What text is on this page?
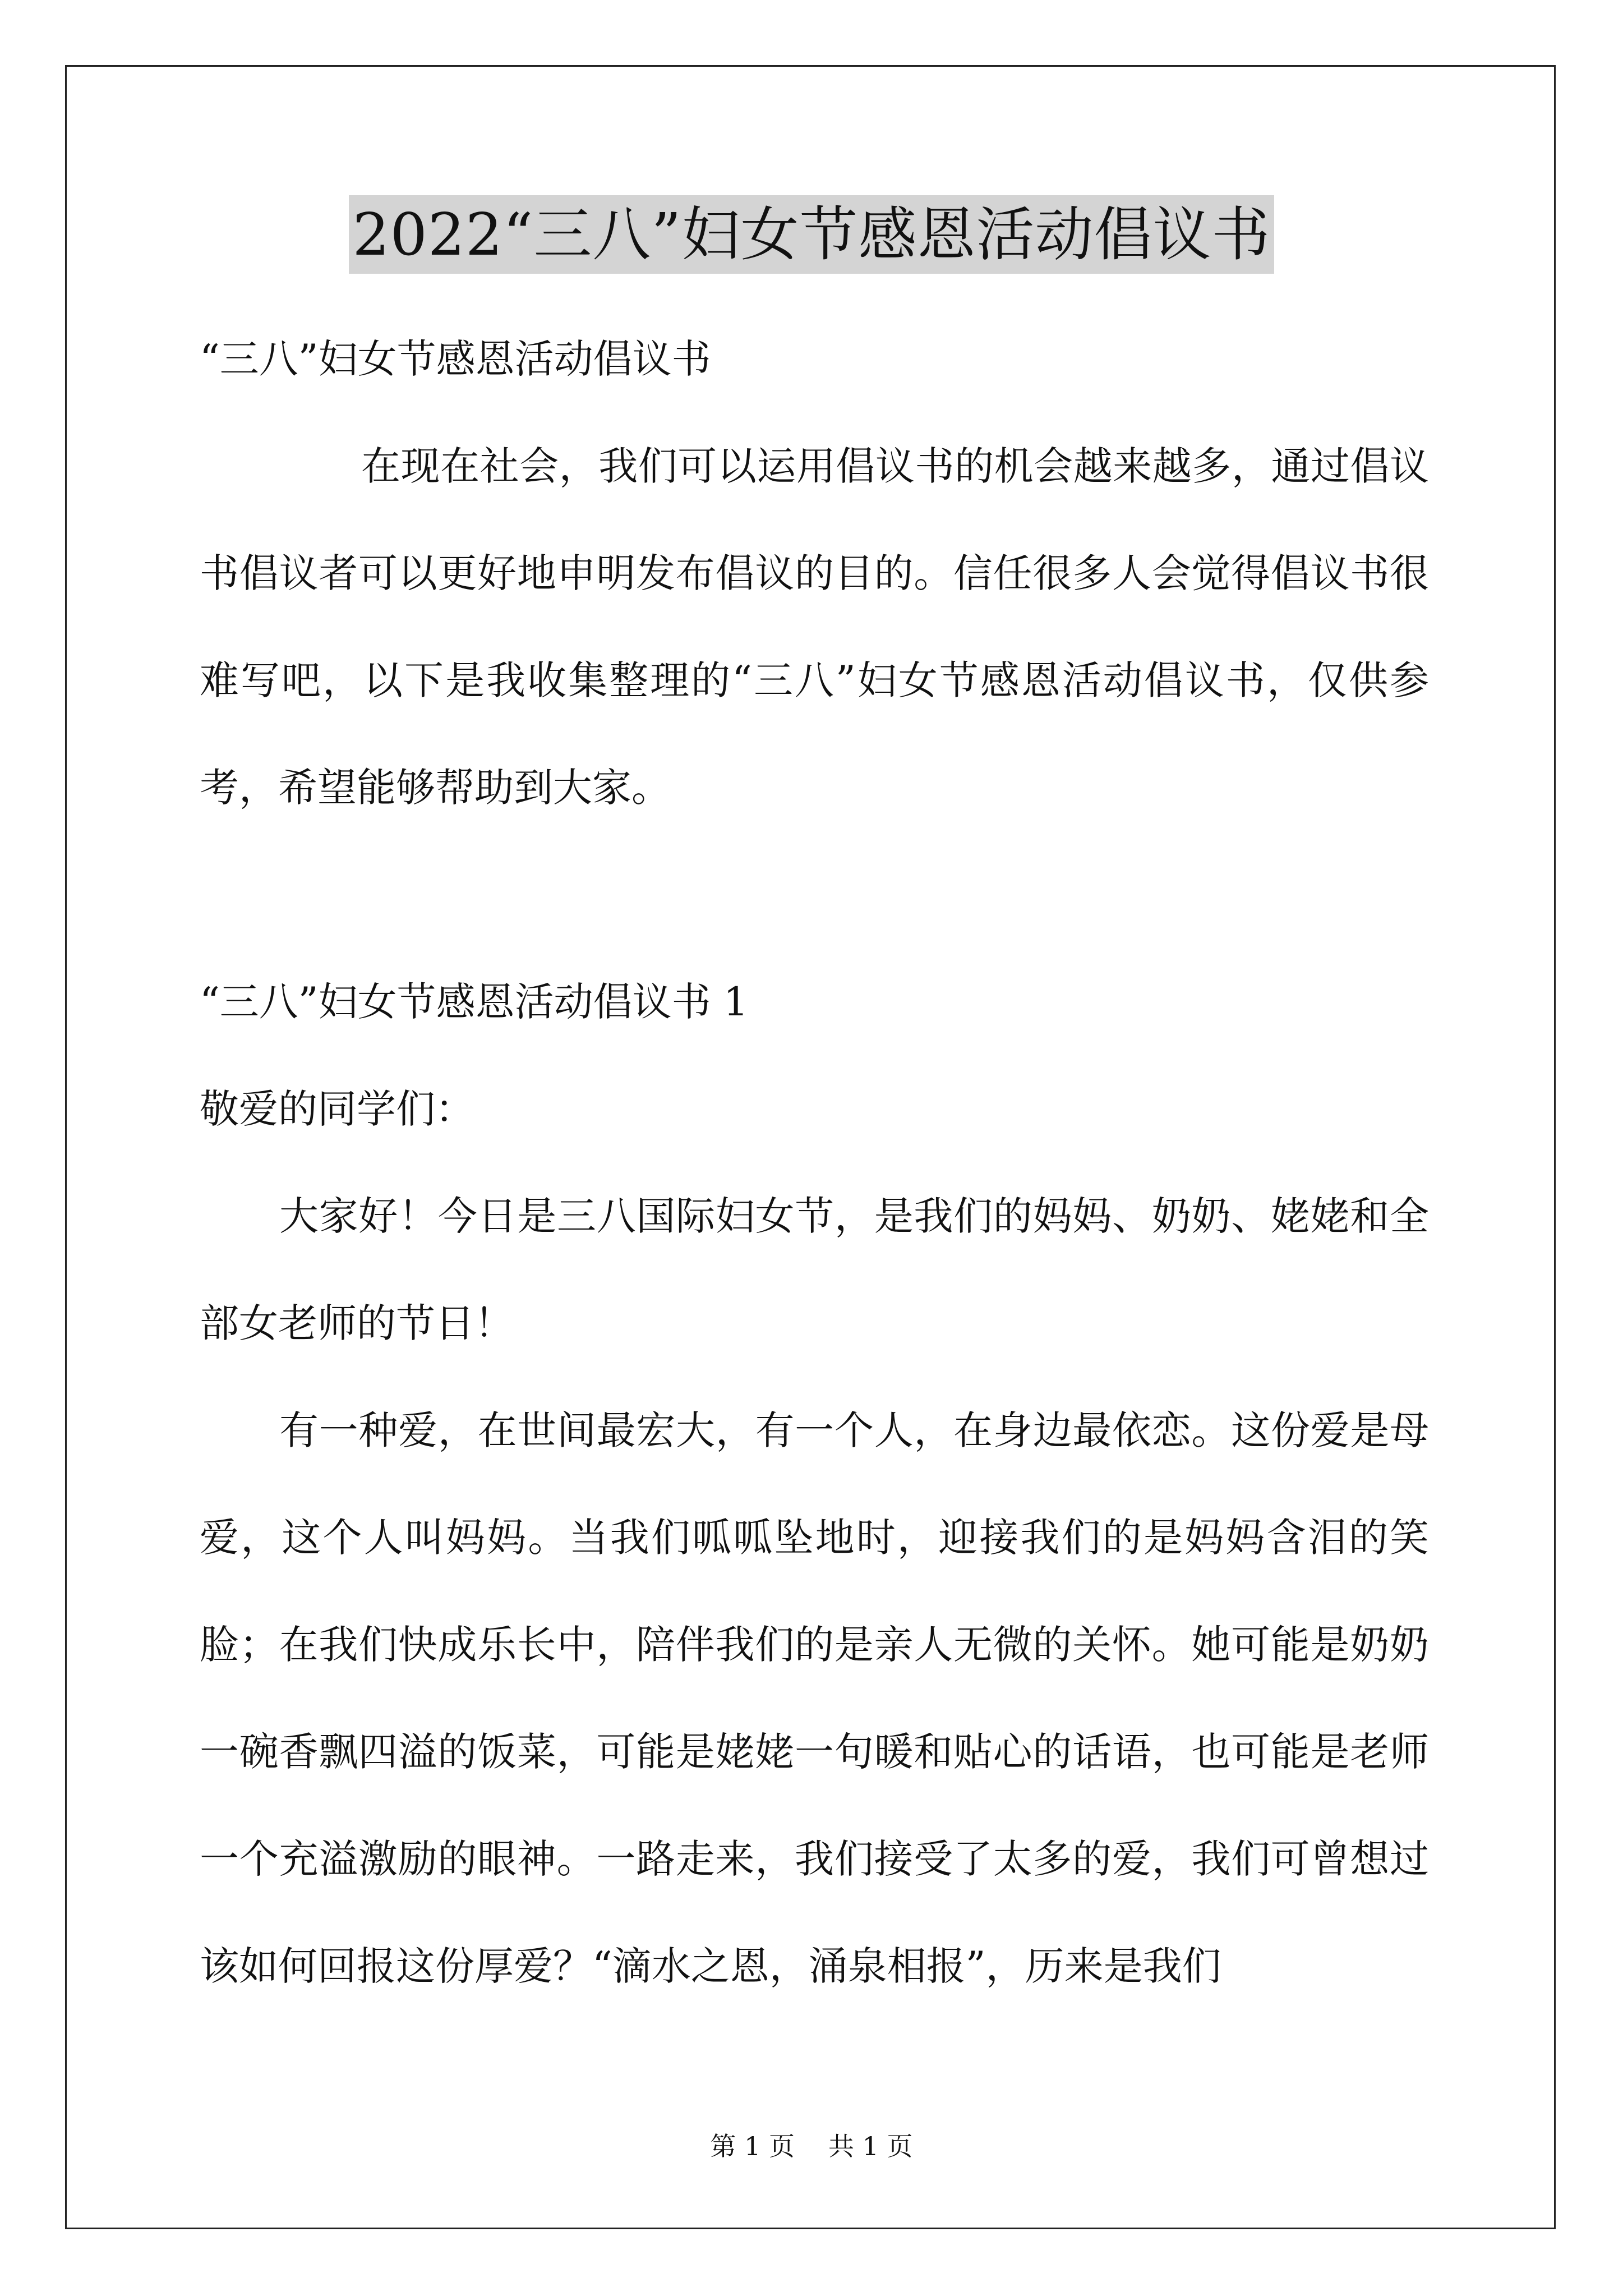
2022“三八”妇女节感恩活动倡议书

“三八”妇女节感恩活动倡议书

在现在社会，我们可以运用倡议书的机会越来越多，通过倡议书倡议者可以更好地申明发布倡议的目的。信任很多人会觉得倡议书很难写吧，以下是我收集整理的“三八”妇女节感恩活动倡议书，仅供参考，希望能够帮助到大家。

“三八”妇女节感恩活动倡议书 1

敬爱的同学们：

大家好！今日是三八国际妇女节，是我们的妈妈、奶奶、姥姥和全部女老师的节日！

有一种爱，在世间最宏大，有一个人，在身边最依恋。这份爱是母爱，这个人叫妈妈。当我们呱呱坠地时，迎接我们的是妈妈含泪的笑脸；在我们快成乐长中，陪伴我们的是亲人无微的关怀。她可能是奶奶一碗香飘四溢的饭菜，可能是姥姥一句暖和贴心的话语，也可能是老师一个充溢激励的眼神。一路走来，我们接受了太多的爱，我们可曾想过该如何回报这份厚爱？“滴水之恩，涌泉相报”，历来是我们

第 1 页 共 1 页
